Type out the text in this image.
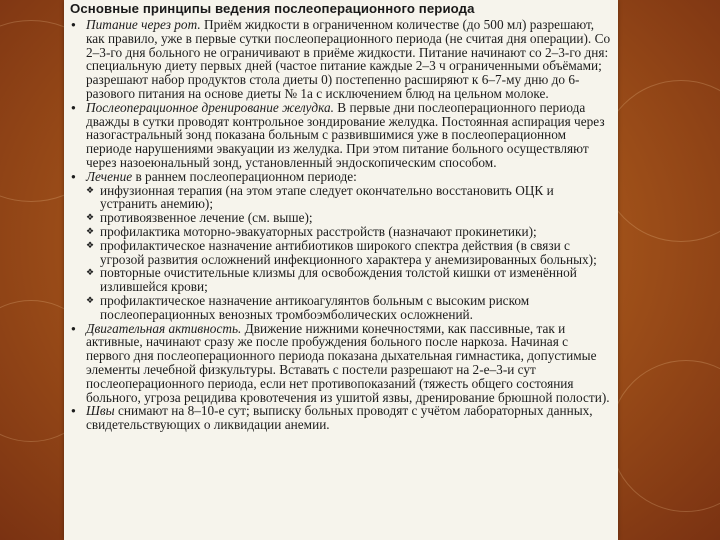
Основные принципы ведения послеоперационного периода

● Питание через рот. Приём жидкости в ограниченном количестве (до 500 мл) разрешают, как правило, уже в первые сутки послеоперационного периода (не считая дня операции). Со 2–3-го дня больного не ограничивают в приёме жидкости. Питание начинают со 2–3-го дня: специальную диету первых дней (частое питание каждые 2–3 ч ограниченными объёмами; разрешают набор продуктов стола диеты 0) постепенно расширяют к 6–7-му дню до 6-разового питания на основе диеты № 1а с исключением блюд на цельном молоке.

● Послеоперационное дренирование желудка. В первые дни послеоперационного периода дважды в сутки проводят контрольное зондирование желудка. Постоянная аспирация через назогастральный зонд показана больным с развившимися уже в послеоперационном периоде нарушениями эвакуации из желудка. При этом питание больного осуществляют через назоеюнальный зонд, установленный эндоскопическим способом.

● Лечение в раннем послеоперационном периоде:

❖ инфузионная терапия (на этом этапе следует окончательно восстановить ОЦК и устранить анемию);

❖ противоязвенное лечение (см. выше);

❖ профилактика моторно-эвакуаторных расстройств (назначают прокинетики);

❖ профилактическое назначение антибиотиков широкого спектра действия (в связи с угрозой развития осложнений инфекционного характера у анемизированных больных);

❖ повторные очистительные клизмы для освобождения толстой кишки от изменённой излившейся крови;

❖ профилактическое назначение антикоагулянтов больным с высоким риском послеоперационных венозных тромбоэмболических осложнений.

● Двигательная активность. Движение нижними конечностями, как пассивные, так и активные, начинают сразу же после пробуждения больного после наркоза. Начиная с первого дня послеоперационного периода показана дыхательная гимнастика, допустимые элементы лечебной физкультуры. Вставать с постели разрешают на 2-е–3-и сут послеоперационного периода, если нет противопоказаний (тяжесть общего состояния больного, угроза рецидива кровотечения из ушитой язвы, дренирование брюшной полости).

● Швы снимают на 8–10-е сут; выписку больных проводят с учётом лабораторных данных, свидетельствующих о ликвидации анемии.
